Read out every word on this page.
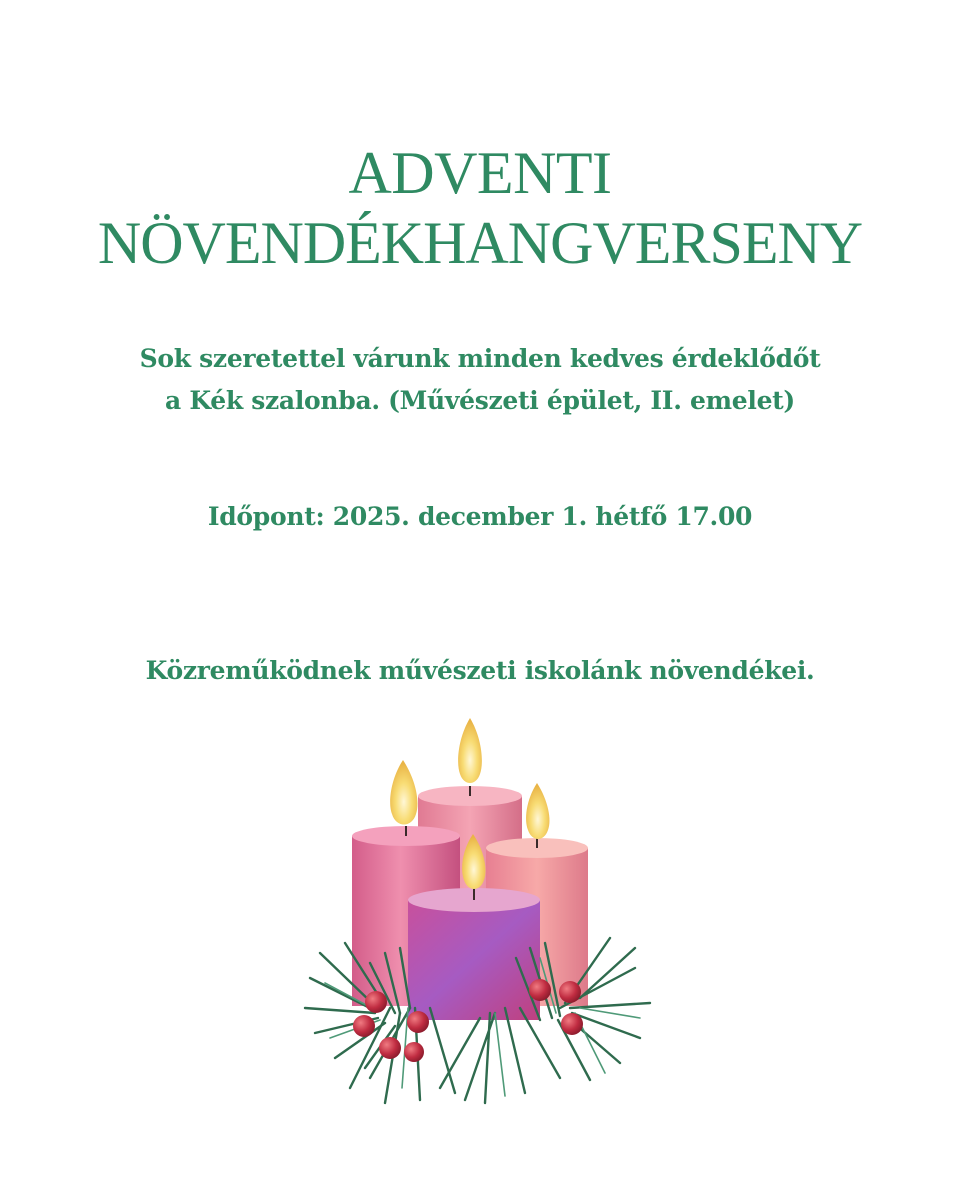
ADVENTI
NÖVENDÉKHANGVERSENY

Sok szeretettel várunk minden kedves érdeklődőt

a Kék szalonba. (Művészeti épület, II. emelet)

Időpont: 2025. december 1. hétfő 17.00

Közreműködnek művészeti iskolánk növendékei.
